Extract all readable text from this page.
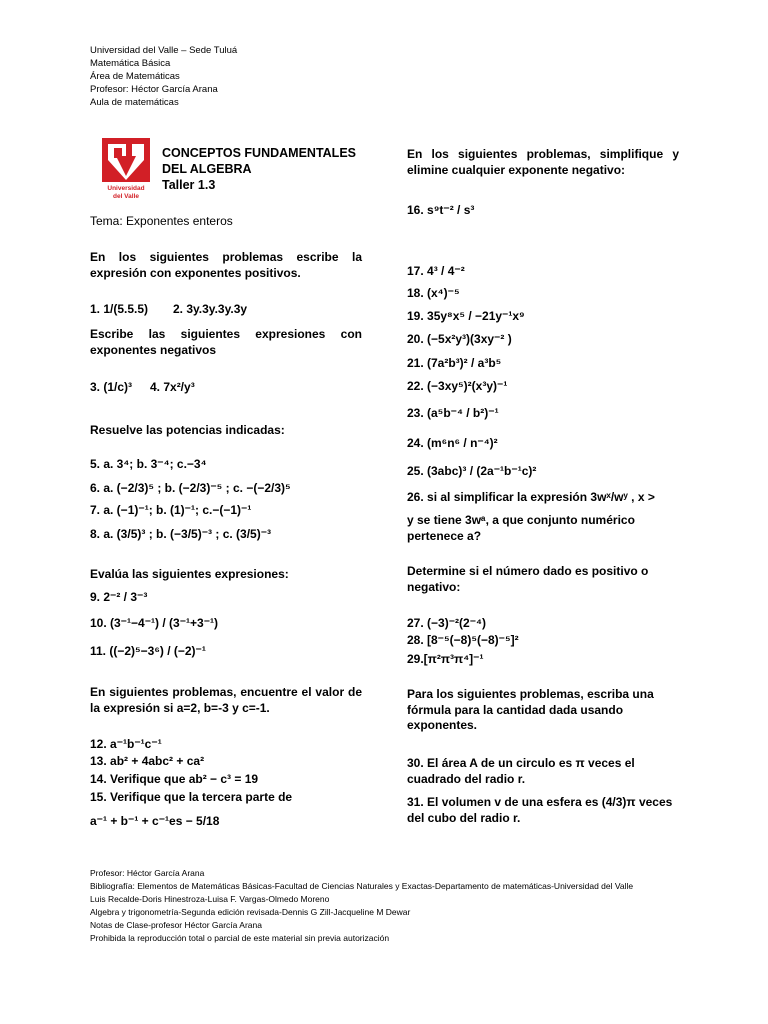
Universidad del Valle – Sede Tuluá
Matemática Básica
Área de Matemáticas
Profesor: Héctor García Arana
Aula de matemáticas
Universidad
del Valle
CONCEPTOS FUNDAMENTALES
DEL ALGEBRA
Taller 1.3

Tema: Exponentes enteros

En los siguientes problemas escribe la expresión con exponentes positivos.

1. 1/(5.5.5) 2. 3y.3y.3y.3y

Escribe las siguientes expresiones con exponentes negativos

3. (1/c)³ 4. 7x²/y³

Resuelve las potencias indicadas:

5. a. 3⁴; b. 3⁻⁴; c.−3⁴

6. a. (−2/3)⁵ ; b. (−2/3)⁻⁵ ; c. −(−2/3)⁵

7. a. (−1)⁻¹; b. (1)⁻¹; c.−(−1)⁻¹

8. a. (3/5)³ ; b. (−3/5)⁻³ ; c. (3/5)⁻³

Evalúa las siguientes expresiones:

9. 2⁻² / 3⁻³

10. (3⁻¹−4⁻¹) / (3⁻¹+3⁻¹)

11. ((−2)⁵−3⁶) / (−2)⁻¹

En siguientes problemas, encuentre el valor de la expresión si a=2, b=-3 y c=-1.

12. a⁻¹b⁻¹c⁻¹

13. ab² + 4abc² + ca²

14. Verifique que ab² − c³ = 19

15. Verifique que la tercera parte de

a⁻¹ + b⁻¹ + c⁻¹es − 5/18

En los siguientes problemas, simplifique y elimine cualquier exponente negativo:

16. s⁹t⁻² / s³

17. 4³ / 4⁻²

18. (x⁴)⁻⁵

19. 35y⁸x⁵ / −21y⁻¹x⁹

20. (−5x²y³)(3xy⁻² )

21. (7a²b³)² / a³b⁵

22. (−3xy⁵)²(x³y)⁻¹

23. (a⁵b⁻⁴ / b²)⁻¹

24. (m⁶n⁶ / n⁻⁴)²

25. (3abc)³ / (2a⁻¹b⁻¹c)²

26. si al simplificar la expresión 3wˣ/wʸ , x >

y se tiene 3wᵃ, a que conjunto numérico pertenece a?

Determine si el número dado es positivo o negativo:

27. (−3)⁻²(2⁻⁴)

28. [8⁻⁵(−8)⁵(−8)⁻⁵]²

29.[π²π³π⁴]⁻¹

Para los siguientes problemas, escriba una fórmula para la cantidad dada usando exponentes.

30. El área A de un circulo es π veces el cuadrado del radio r.

31. El volumen v de una esfera es (4/3)π veces del cubo del radio r.

Profesor: Héctor García Arana
Bibliografía: Elementos de Matemáticas Básicas-Facultad de Ciencias Naturales y Exactas-Departamento de matemáticas-Universidad del Valle
Luis Recalde-Doris Hinestroza-Luisa F. Vargas-Olmedo Moreno
Algebra y trigonometría-Segunda edición revisada-Dennis G Zill-Jacqueline M Dewar
Notas de Clase-profesor Héctor García Arana
Prohibida la reproducción total o parcial de este material sin previa autorización
